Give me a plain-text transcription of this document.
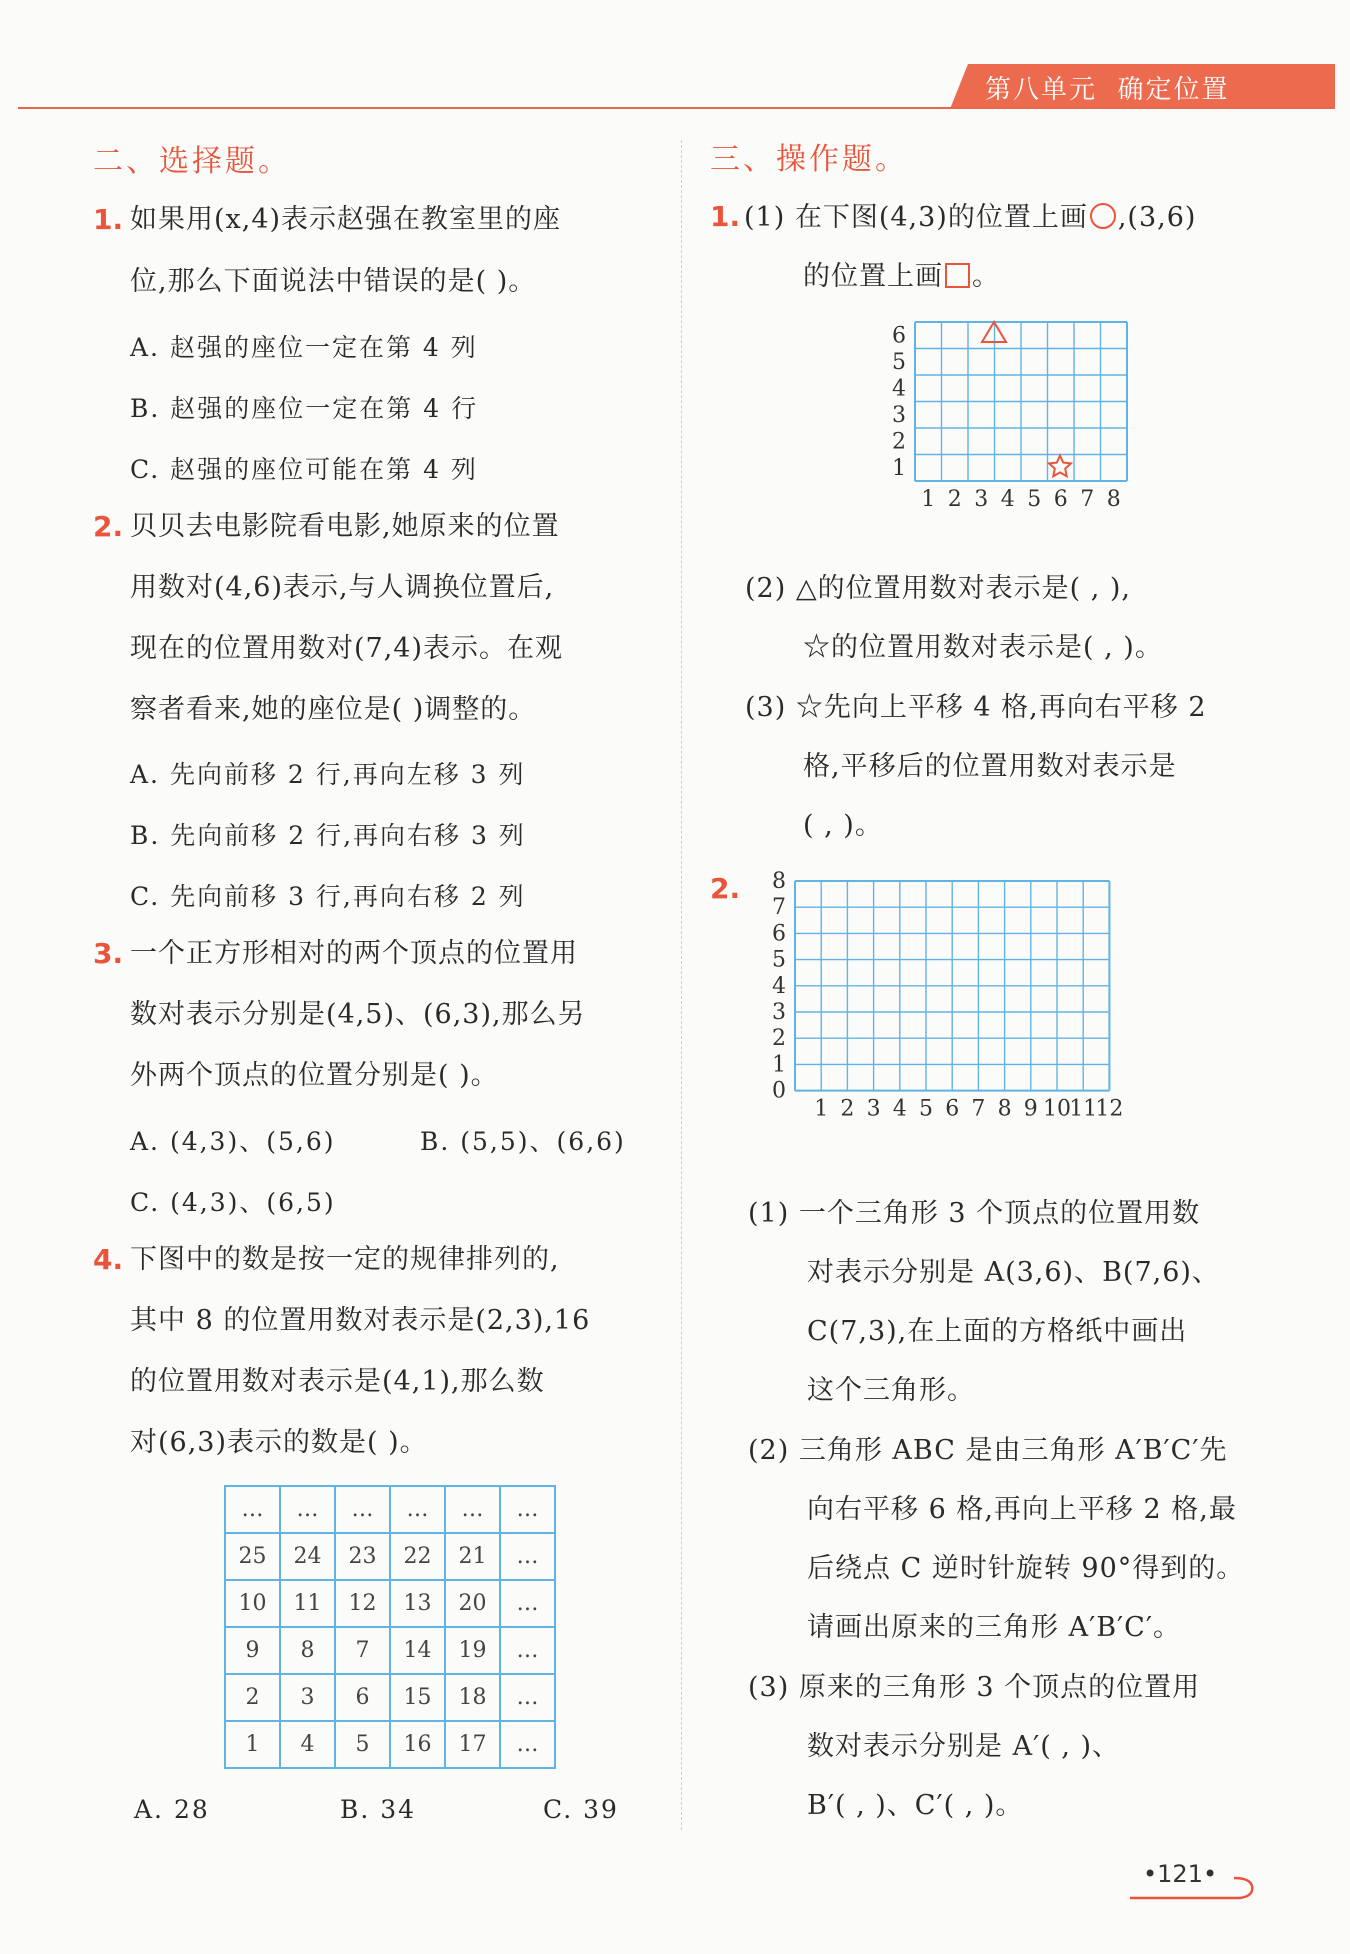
第八单元 确定位置
二、选择题。
1. 如果用(x,4)表示赵强在教室里的座
位,那么下面说法中错误的是( )。
A. 赵强的座位一定在第 4 列
B. 赵强的座位一定在第 4 行
C. 赵强的座位可能在第 4 列
2. 贝贝去电影院看电影,她原来的位置
用数对(4,6)表示,与人调换位置后,
现在的位置用数对(7,4)表示。在观
察者看来,她的座位是( )调整的。
A. 先向前移 2 行,再向左移 3 列
B. 先向前移 2 行,再向右移 3 列
C. 先向前移 3 行,再向右移 2 列
3. 一个正方形相对的两个顶点的位置用
数对表示分别是(4,5)、(6,3),那么另
外两个顶点的位置分别是( )。
A. (4,3)、(5,6)	B. (5,5)、(6,6)
C. (4,3)、(6,5)
4. 下图中的数是按一定的规律排列的,
其中 8 的位置用数对表示是(2,3),16
的位置用数对表示是(4,1),那么数
对(6,3)表示的数是( )。
…	…	…	…	…	…
25	24	23	22	21	…
10	11	12	13	20	…
9	8	7	14	19	…
2	3	6	15	18	…
1	4	5	16	17	…
A. 28	B. 34	C. 39
三、操作题。
1. (1) 在下图(4,3)的位置上画 ○ ,(3,6)
的位置上画 。
1 2 3 4 5 6 7 8
1
2
3
4
5
6
(2) △的位置用数对表示是( , ),
☆的位置用数对表示是( , )。
(3) ☆先向上平移 4 格,再向右平移 2
格,平移后的位置用数对表示是
( , )。
2.
1 2 3 4 5 6 7 8 9 10
11
12
0
1
2
3
4
5
6
7
8
(1) 一个三角形 3 个顶点的位置用数
对表示分别是 A(3,6)、B(7,6)、
C(7,3),在上面的方格纸中画出
这个三角形。
(2) 三角形 ABC 是由三角形 A′B′C′先
向右平移 6 格,再向上平移 2 格,最
后绕点 C 逆时针旋转 90°得到的。
请画出原来的三角形 A′B′C′。
(3) 原来的三角形 3 个顶点的位置用
数对表示分别是 A′( , )、
B′( , )、C′( , )。
•121•
